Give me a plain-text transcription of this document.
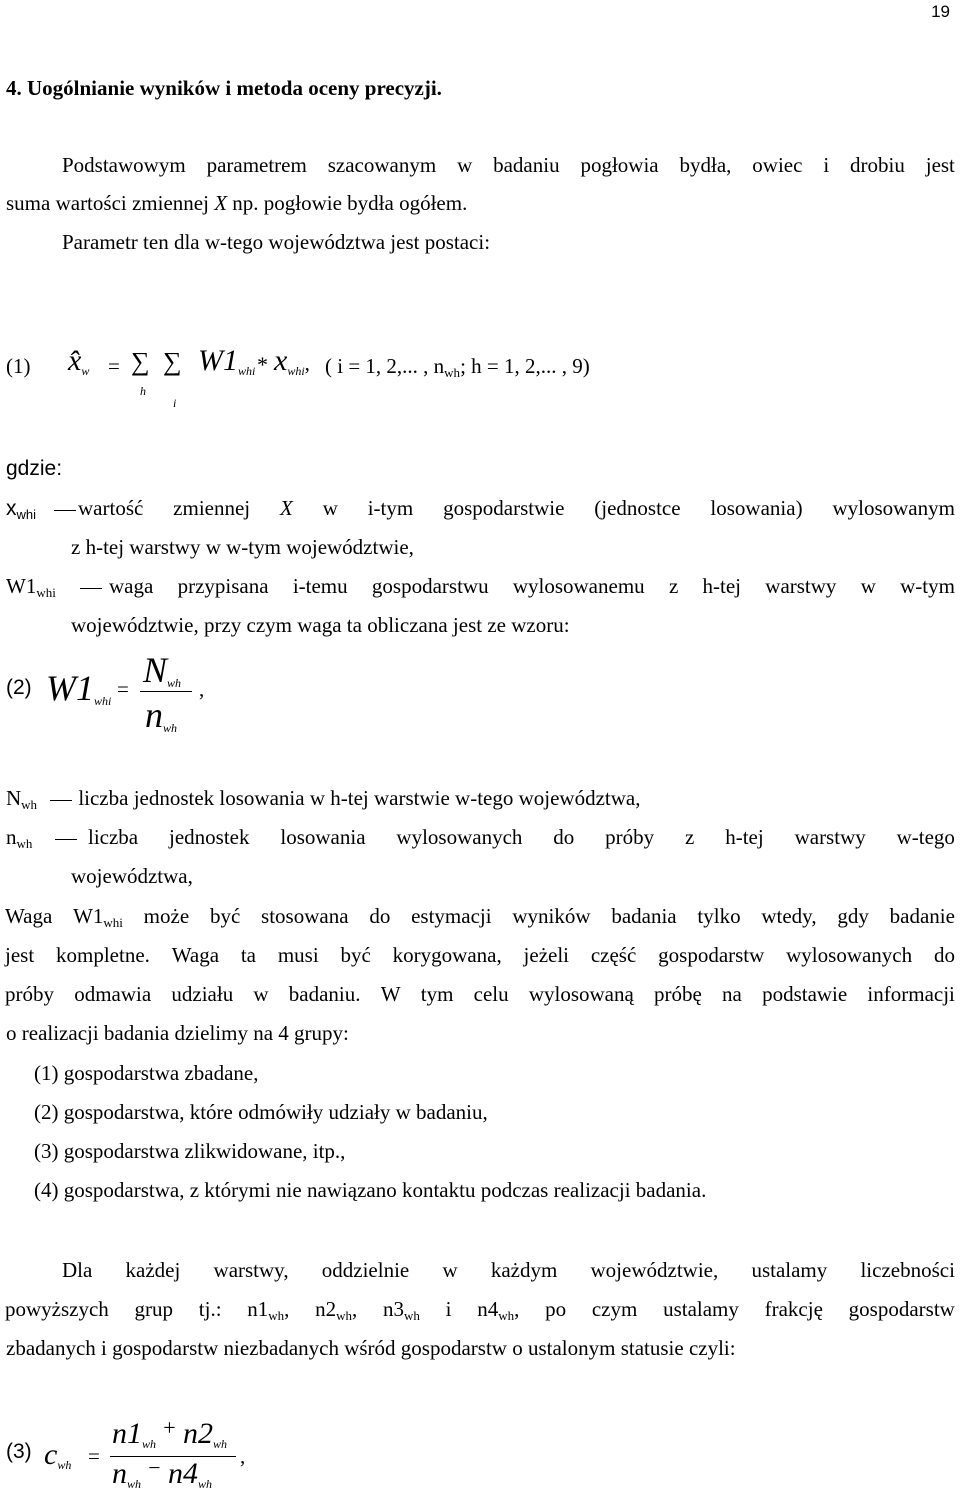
19
4. Uogólnianie wyników i metoda oceny precyzji.
Podstawowym parametrem szacowanym w badaniu pogłowia bydła, owiec i drobiu jest
suma wartości zmiennej X np. pogłowie bydła ogółem.
Parametr ten dla w-tego województwa jest postaci:
(1) x̂w = ∑
h
∑
i
$W1_{whi} * x_{whi}$, ( i = 1, 2,... , nwh; h = 1, 2,... , 9)
gdzie:
xwhi wartość zmiennej X w i-tym gospodarstwie (jednostce losowania) wylosowanym
z h-tej warstwy w w-tym województwie,
W1whi	waga przypisana i-temu gospodarstwu wylosowanemu z h-tej warstwy w w-tym
województwie, przy czym waga ta obliczana jest ze wzoru:
(2) $W1_{whi} = N_{wh}$
$n_{wh}$
,
Nwh liczba jednostek losowania w h-tej warstwie w-tego województwa,
nwh	liczba jednostek losowania wylosowanych do próby z h-tej warstwy w-tego
województwa,
Waga W1whi może być stosowana do estymacji wyników badania tylko wtedy, gdy badanie
jest kompletne. Waga ta musi być korygowana, jeżeli część gospodarstw wylosowanych do
próby odmawia udziału w badaniu. W tym celu wylosowaną próbę na podstawie informacji
o realizacji badania dzielimy na 4 grupy:
(1) gospodarstwa zbadane,
(2) gospodarstwa, które odmówiły udziały w badaniu,
(3) gospodarstwa zlikwidowane, itp.,
(4) gospodarstwa, z którymi nie nawiązano kontaktu podczas realizacji badania.
Dla każdej warstwy, oddzielnie w każdym województwie, ustalamy liczebności
powyższych grup tj.: n1wh, n2wh, n3wh i n4wh, po czym ustalamy frakcję gospodarstw
zbadanych i gospodarstw niezbadanych wśród gospodarstw o ustalonym statusie czyli:
(3) $c_{wh}$ =
$n1_{wh} + n2_{wh}$
$n_{wh} - n4_{wh}$
,
